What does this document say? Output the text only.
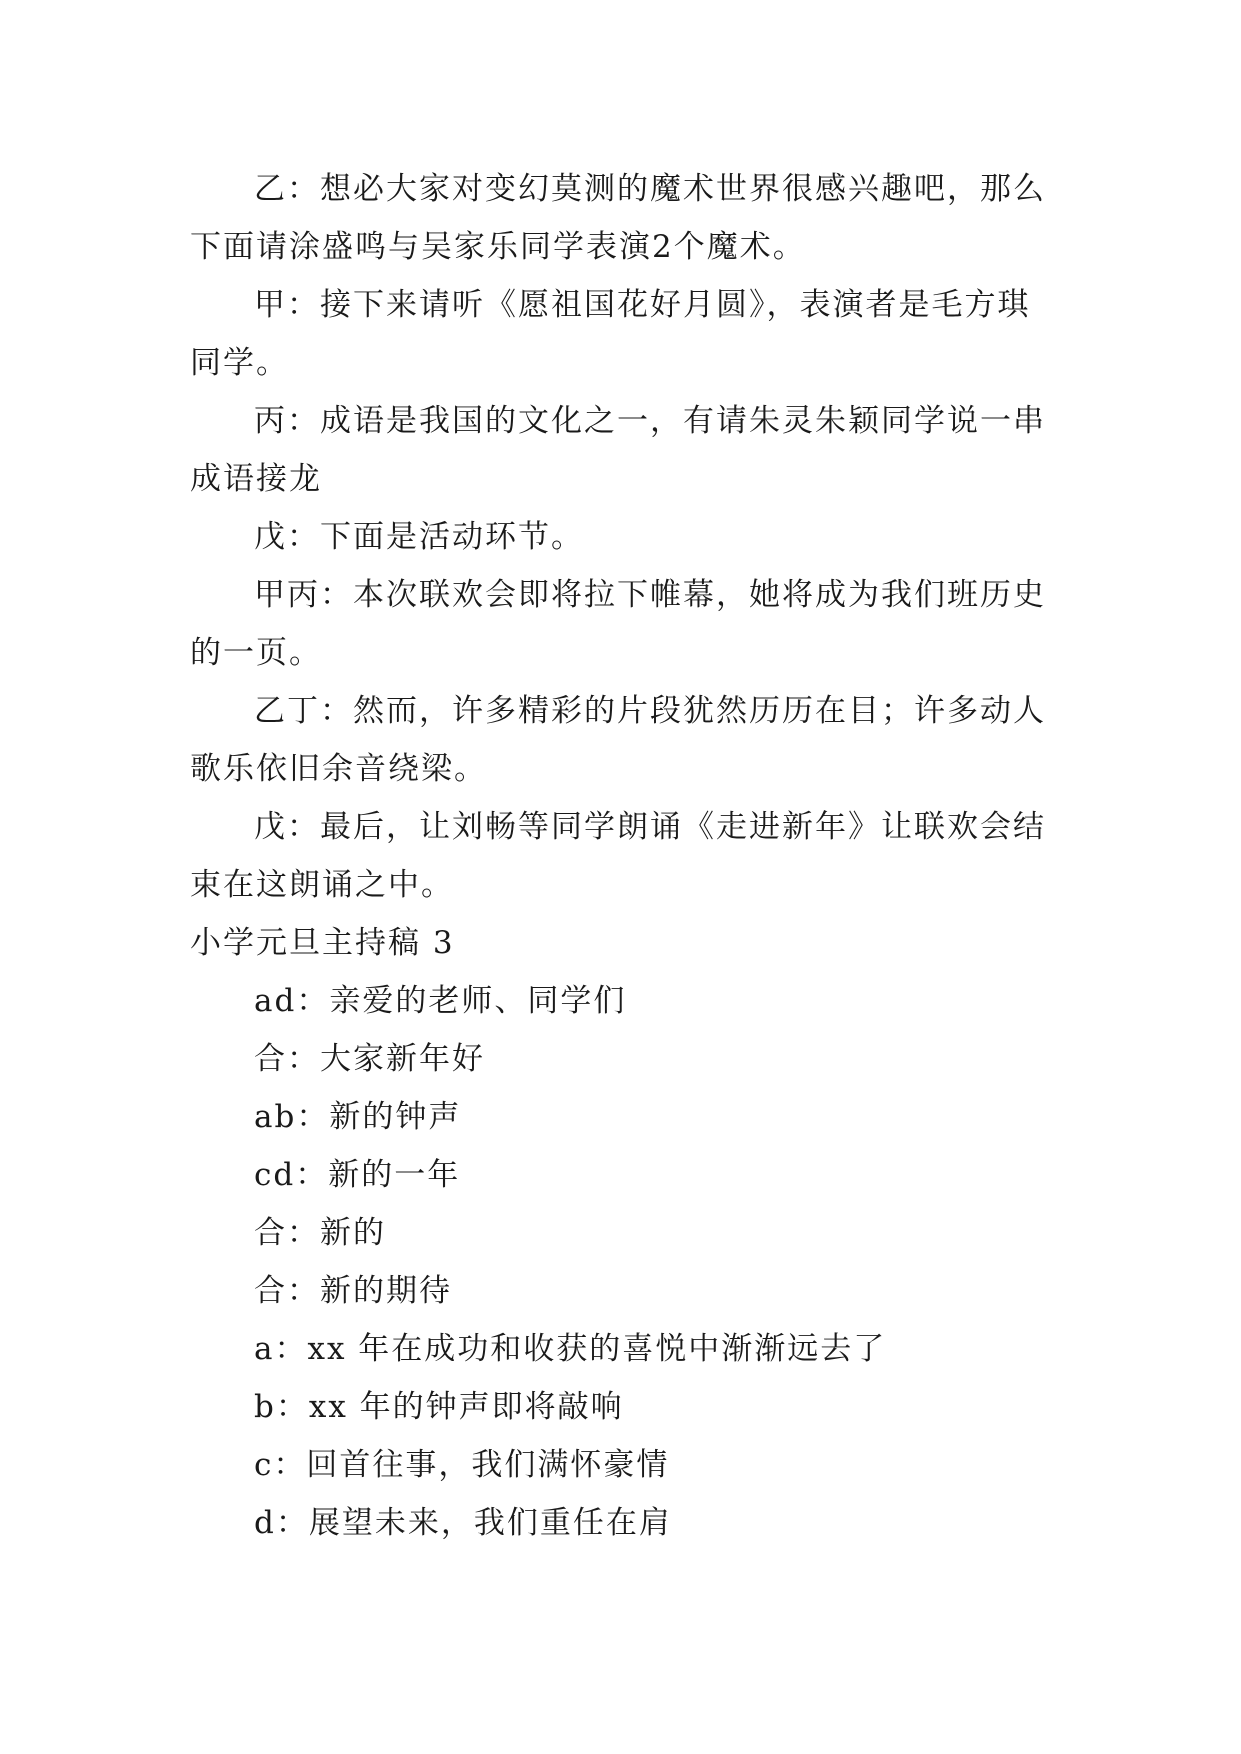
乙：想必大家对变幻莫测的魔术世界很感兴趣吧，那么下面请涂盛鸣与吴家乐同学表演2个魔术。

甲：接下来请听《愿祖国花好月圆》，表演者是毛方琪同学。

丙：成语是我国的文化之一，有请朱灵朱颖同学说一串成语接龙

戊：下面是活动环节。

甲丙：本次联欢会即将拉下帷幕，她将成为我们班历史的一页。

乙丁：然而，许多精彩的片段犹然历历在目；许多动人歌乐依旧余音绕梁。

戊：最后，让刘畅等同学朗诵《走进新年》让联欢会结束在这朗诵之中。

小学元旦主持稿 3

ad：亲爱的老师、同学们

合：大家新年好

ab：新的钟声

cd：新的一年

合：新的

合：新的期待

a：xx 年在成功和收获的喜悦中渐渐远去了

b：xx 年的钟声即将敲响

c：回首往事，我们满怀豪情

d：展望未来，我们重任在肩
